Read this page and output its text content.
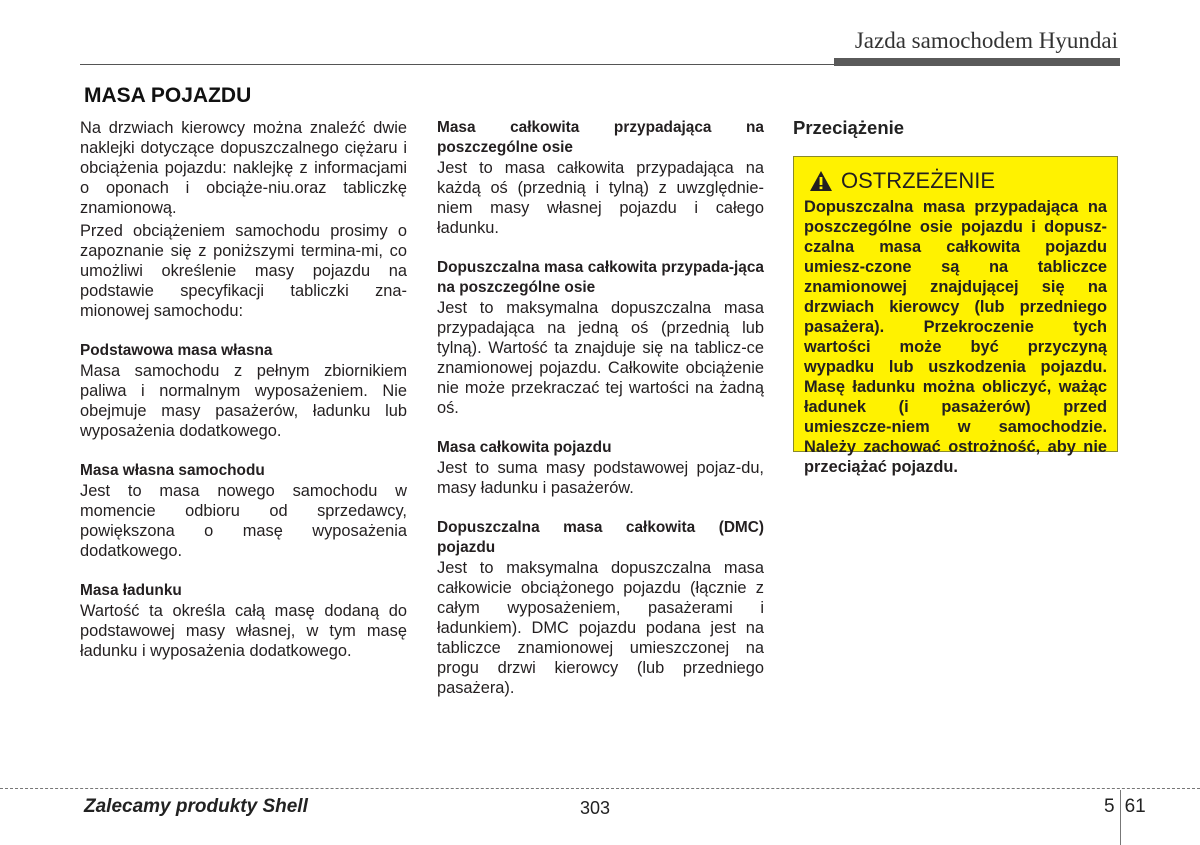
Jazda samochodem Hyundai
MASA POJAZDU

Na drzwiach kierowcy można znaleźć dwie naklejki dotyczące dopuszczalnego ciężaru i obciążenia pojazdu: naklejkę z informacjami o oponach i obciąże-niu.oraz tabliczkę znamionową.

Przed obciążeniem samochodu prosimy o zapoznanie się z poniższymi termina-mi, co umożliwi określenie masy pojazdu na podstawie specyfikacji tabliczki zna-mionowej samochodu:

Podstawowa masa własna

Masa samochodu z pełnym zbiornikiem paliwa i normalnym wyposażeniem. Nie obejmuje masy pasażerów, ładunku lub wyposażenia dodatkowego.

Masa własna samochodu

Jest to masa nowego samochodu w momencie odbioru od sprzedawcy, powiększona o masę wyposażenia dodatkowego.

Masa ładunku

Wartość ta określa całą masę dodaną do podstawowej masy własnej, w tym masę ładunku i wyposażenia dodatkowego.

Masa całkowita przypadająca na poszczególne osie

Jest to masa całkowita przypadająca na każdą oś (przednią i tylną) z uwzględnie-niem masy własnej pojazdu i całego ładunku.

Dopuszczalna masa całkowita przypada-jąca na poszczególne osie

Jest to maksymalna dopuszczalna masa przypadająca na jedną oś (przednią lub tylną). Wartość ta znajduje się na tablicz-ce znamionowej pojazdu. Całkowite obciążenie nie może przekraczać tej wartości na żadną oś.

Masa całkowita pojazdu

Jest to suma masy podstawowej pojaz-du, masy ładunku i pasażerów.

Dopuszczalna masa całkowita (DMC) pojazdu

Jest to maksymalna dopuszczalna masa całkowicie obciążonego pojazdu (łącznie z całym wyposażeniem, pasażerami i ładunkiem). DMC pojazdu podana jest na tabliczce znamionowej umieszczonej na progu drzwi kierowcy (lub przedniego pasażera).

Przeciążenie
OSTRZEŻENIE

Dopuszczalna masa przypadająca na poszczególne osie pojazdu i dopusz-czalna masa całkowita pojazdu umiesz-czone są na tabliczce znamionowej znajdującej się na drzwiach kierowcy (lub przedniego pasażera). Przekroczenie tych wartości może być przyczyną wypadku lub uszkodzenia pojazdu. Masę ładunku można obliczyć, ważąc ładunek (i pasażerów) przed umieszcze-niem w samochodzie. Należy zachować ostrożność, aby nie przeciążać pojazdu.

Zalecamy produkty Shell	303	5 61
